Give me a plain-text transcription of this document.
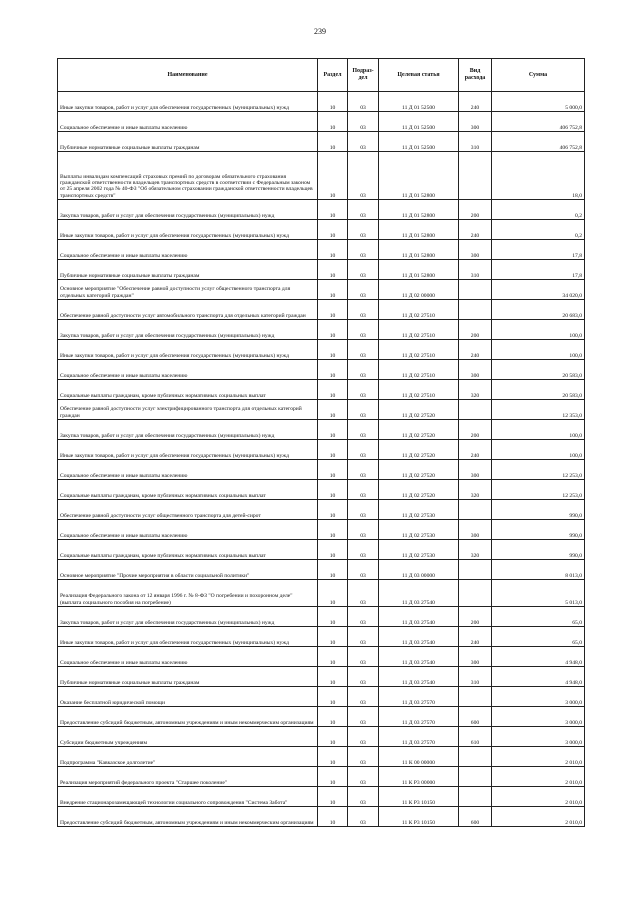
239
Наименование	Раздел	Подраз-дел	Целевая статья	Вид расхода	Сумма
Иные закупки товаров, работ и услуг для обеспечения государственных (муниципальных) нужд	10	03	11 Д 01 52500	240	5 000,0
Социальное обеспечение и иные выплаты населению	10	03	11 Д 01 52500	300	406 752,8
Публичные нормативные социальные выплаты гражданам	10	03	11 Д 01 52500	310	406 752,8
Выплаты инвалидам компенсаций страховых премий по договорам обязательного страхования гражданской ответственности владельцев транспортных средств в соответствии с Федеральным законом от 25 апреля 2002 года № 40-ФЗ "Об обязательном страховании гражданской ответственности владельцев транспортных средств"	10	03	11 Д 01 52800		18,0
Закупка товаров, работ и услуг для обеспечения государственных (муниципальных) нужд	10	03	11 Д 01 52800	200	0,2
Иные закупки товаров, работ и услуг для обеспечения государственных (муниципальных) нужд	10	03	11 Д 01 52800	240	0,2
Социальное обеспечение и иные выплаты населению	10	03	11 Д 01 52800	300	17,8
Публичные нормативные социальные выплаты гражданам	10	03	11 Д 01 52800	310	17,8
Основное мероприятие "Обеспечение равной доступности услуг общественного транспорта для отдельных категорий граждан"	10	03	11 Д 02 00000		34 020,0
Обеспечение равной доступности услуг автомобильного транспорта для отдельных категорий граждан	10	03	11 Д 02 27510		20 683,0
Закупка товаров, работ и услуг для обеспечения государственных (муниципальных) нужд	10	03	11 Д 02 27510	200	100,0
Иные закупки товаров, работ и услуг для обеспечения государственных (муниципальных) нужд	10	03	11 Д 02 27510	240	100,0
Социальное обеспечение и иные выплаты населению	10	03	11 Д 02 27510	300	20 583,0
Социальные выплаты гражданам, кроме публичных нормативных социальных выплат	10	03	11 Д 02 27510	320	20 583,0
Обеспечение равной доступности услуг электрифицированного транспорта для отдельных категорий граждан	10	03	11 Д 02 27520		12 353,0
Закупка товаров, работ и услуг для обеспечения государственных (муниципальных) нужд	10	03	11 Д 02 27520	200	100,0
Иные закупки товаров, работ и услуг для обеспечения государственных (муниципальных) нужд	10	03	11 Д 02 27520	240	100,0
Социальное обеспечение и иные выплаты населению	10	03	11 Д 02 27520	300	12 253,0
Социальные выплаты гражданам, кроме публичных нормативных социальных выплат	10	03	11 Д 02 27520	320	12 253,0
Обеспечение равной доступности услуг общественного транспорта для детей-сирот	10	03	11 Д 02 27530		990,0
Социальное обеспечение и иные выплаты населению	10	03	11 Д 02 27530	300	990,0
Социальные выплаты гражданам, кроме публичных нормативных социальных выплат	10	03	11 Д 02 27530	320	990,0
Основное мероприятие "Прочие мероприятия в области социальной политики"	10	03	11 Д 03 00000		8 013,0
Реализация Федерального закона от 12 января 1996 г. № 8-ФЗ "О погребении и похоронном деле" (выплата социального пособия на погребение)	10	03	11 Д 03 27540		5 013,0
Закупка товаров, работ и услуг для обеспечения государственных (муниципальных) нужд	10	03	11 Д 03 27540	200	65,0
Иные закупки товаров, работ и услуг для обеспечения государственных (муниципальных) нужд	10	03	11 Д 03 27540	240	65,0
Социальное обеспечение и иные выплаты населению	10	03	11 Д 03 27540	300	4 948,0
Публичные нормативные социальные выплаты гражданам	10	03	11 Д 03 27540	310	4 948,0
Оказание бесплатной юридической помощи	10	03	11 Д 03 27570		3 000,0
Предоставление субсидий бюджетным, автономным учреждениям и иным некоммерческим организациям	10	03	11 Д 03 27570	600	3 000,0
Субсидии бюджетным учреждениям	10	03	11 Д 03 27570	610	3 000,0
Подпрограмма "Кавказское долголетие"	10	03	11 К 00 00000		2 010,0
Реализация мероприятий федерального проекта "Старшее поколение"	10	03	11 К Р3 00000		2 010,0
Внедрение стационарозамещающей технологии социального сопровождения "Система Забота"	10	03	11 К Р3 10150		2 010,0
Предоставление субсидий бюджетным, автономным учреждениям и иным некоммерческим организациям	10	03	11 К Р3 10150	600	2 010,0
